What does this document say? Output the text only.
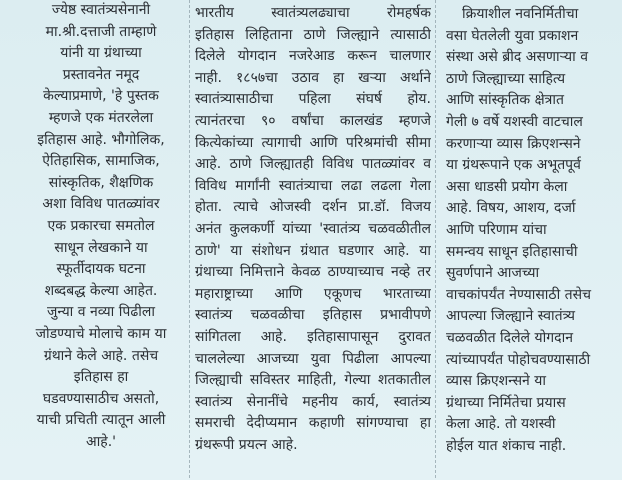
ज्येष्ठ स्वातंत्र्यसेनानी
मा.श्री.दत्ताजी ताम्हाणे
यांनी या ग्रंथाच्या
प्रस्तावनेत नमूद
केल्याप्रमाणे, 'हे पुस्तक
म्हणजे एक मंतरलेला
इतिहास आहे. भौगोलिक,
ऐतिहासिक, सामाजिक,
सांस्कृतिक, शैक्षणिक
अशा विविध पातळ्यांवर
एक प्रकारचा समतोल
साधून लेखकाने या
स्फूर्तीदायक घटना
शब्दबद्ध केल्या आहेत.
जुन्या व नव्या पिढीला
जोडण्याचे मोलाचे काम या
ग्रंथाने केले आहे. तसेच
इतिहास हा
घडवण्यासाठीच असतो,
याची प्रचिती त्यातून आली
आहे.'
भारतीय स्वातंत्र्यलढ्याचा रोमहर्षक
इतिहास लिहिताना ठाणे जिल्ह्याने त्यासाठी
दिलेले योगदान नजरेआड करून चालणार
नाही. १८५७चा उठाव हा खऱ्या अर्थाने
स्वातंत्र्यासाठीचा पहिला संघर्ष होय.
त्यानंतरचा ९० वर्षांचा कालखंड म्हणजे
कित्येकांच्या त्यागाची आणि परिश्रमांची सीमा
आहे. ठाणे जिल्ह्यातही विविध पातळ्यांवर व
विविध मार्गांनी स्वातंत्र्याचा लढा लढला गेला
होता. त्याचे ओजस्वी दर्शन प्रा.डॉ. विजय
अनंत कुलकर्णी यांच्या 'स्वातंत्र्य चळवळीतील
ठाणे' या संशोधन ग्रंथात घडणार आहे. या
ग्रंथाच्या निमित्ताने केवळ ठाण्याच्याच नव्हे तर
महाराष्ट्राच्या आणि एकूणच भारताच्या
स्वातंत्र्य चळवळीचा इतिहास प्रभावीपणे
सांगितला आहे. इतिहासापासून दुरावत
चाललेल्या आजच्या युवा पिढीला आपल्या
जिल्ह्याची सविस्तर माहिती, गेल्या शतकातील
स्वातंत्र्य सेनानींचे महनीय कार्य, स्वातंत्र्य
समराची देदीप्यमान कहाणी सांगण्याचा हा
ग्रंथरूपी प्रयत्न आहे.
क्रियाशील नवनिर्मितीचा
वसा घेतलेली युवा प्रकाशन
संस्था असे ब्रीद असणाऱ्या व
ठाणे जिल्ह्याच्या साहित्य
आणि सांस्कृतिक क्षेत्रात
गेली ७ वर्षे यशस्वी वाटचाल
करणाऱ्या व्यास क्रिएशन्सने
या ग्रंथरूपाने एक अभूतपूर्व
असा धाडसी प्रयोग केला
आहे. विषय, आशय, दर्जा
आणि परिणाम यांचा
समन्वय साधून इतिहासाची
सुवर्णपाने आजच्या
वाचकांपर्यंत नेण्यासाठी तसेच
आपल्या जिल्ह्याने स्वातंत्र्य
चळवळीत दिलेले योगदान
त्यांच्यापर्यंत पोहोचवण्यासाठी
व्यास क्रिएशन्सने या
ग्रंथाच्या निर्मितेचा प्रयास
केला आहे. तो यशस्वी
होईल यात शंकाच नाही.
